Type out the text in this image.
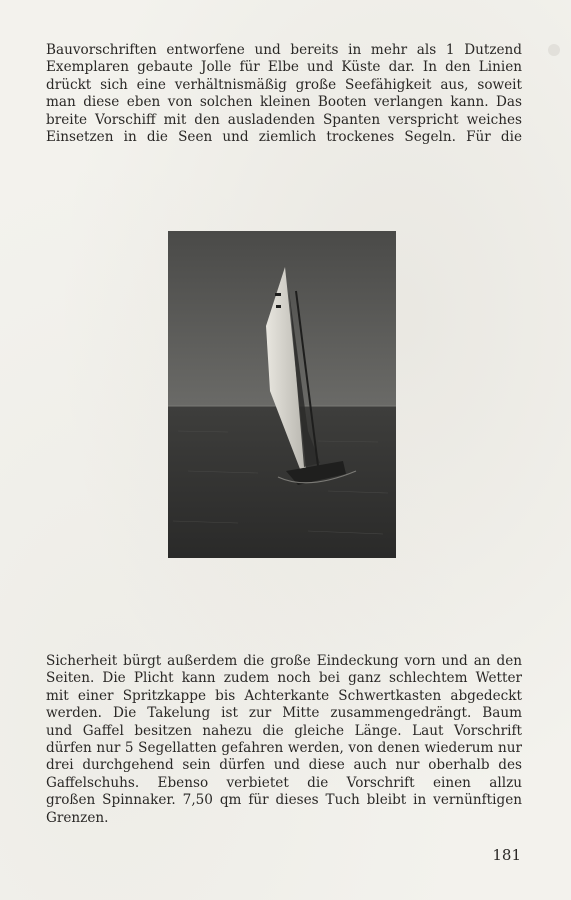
Bauvorschriften entworfene und bereits in mehr als 1 Dutzend
Exemplaren gebaute Jolle für Elbe und Küste dar. In den Linien
drückt sich eine verhältnismäßig große Seefähigkeit aus, soweit
man diese eben von solchen kleinen Booten verlangen kann. Das
breite Vorschiff mit den ausladenden Spanten verspricht weiches
Einsetzen in die Seen und ziemlich trockenes Segeln. Für die

Sicherheit bürgt außerdem die große Eindeckung vorn und an den
Seiten. Die Plicht kann zudem noch bei ganz schlechtem Wetter
mit einer Spritzkappe bis Achterkante Schwertkasten abgedeckt
werden. Die Takelung ist zur Mitte zusammengedrängt. Baum
und Gaffel besitzen nahezu die gleiche Länge. Laut Vorschrift
dürfen nur 5 Segellatten gefahren werden, von denen wiederum nur
drei durchgehend sein dürfen und diese auch nur oberhalb des
Gaffelschuhs. Ebenso verbietet die Vorschrift einen allzu
großen Spinnaker. 7,50 qm für dieses Tuch bleibt in vernünftigen
Grenzen.

181
